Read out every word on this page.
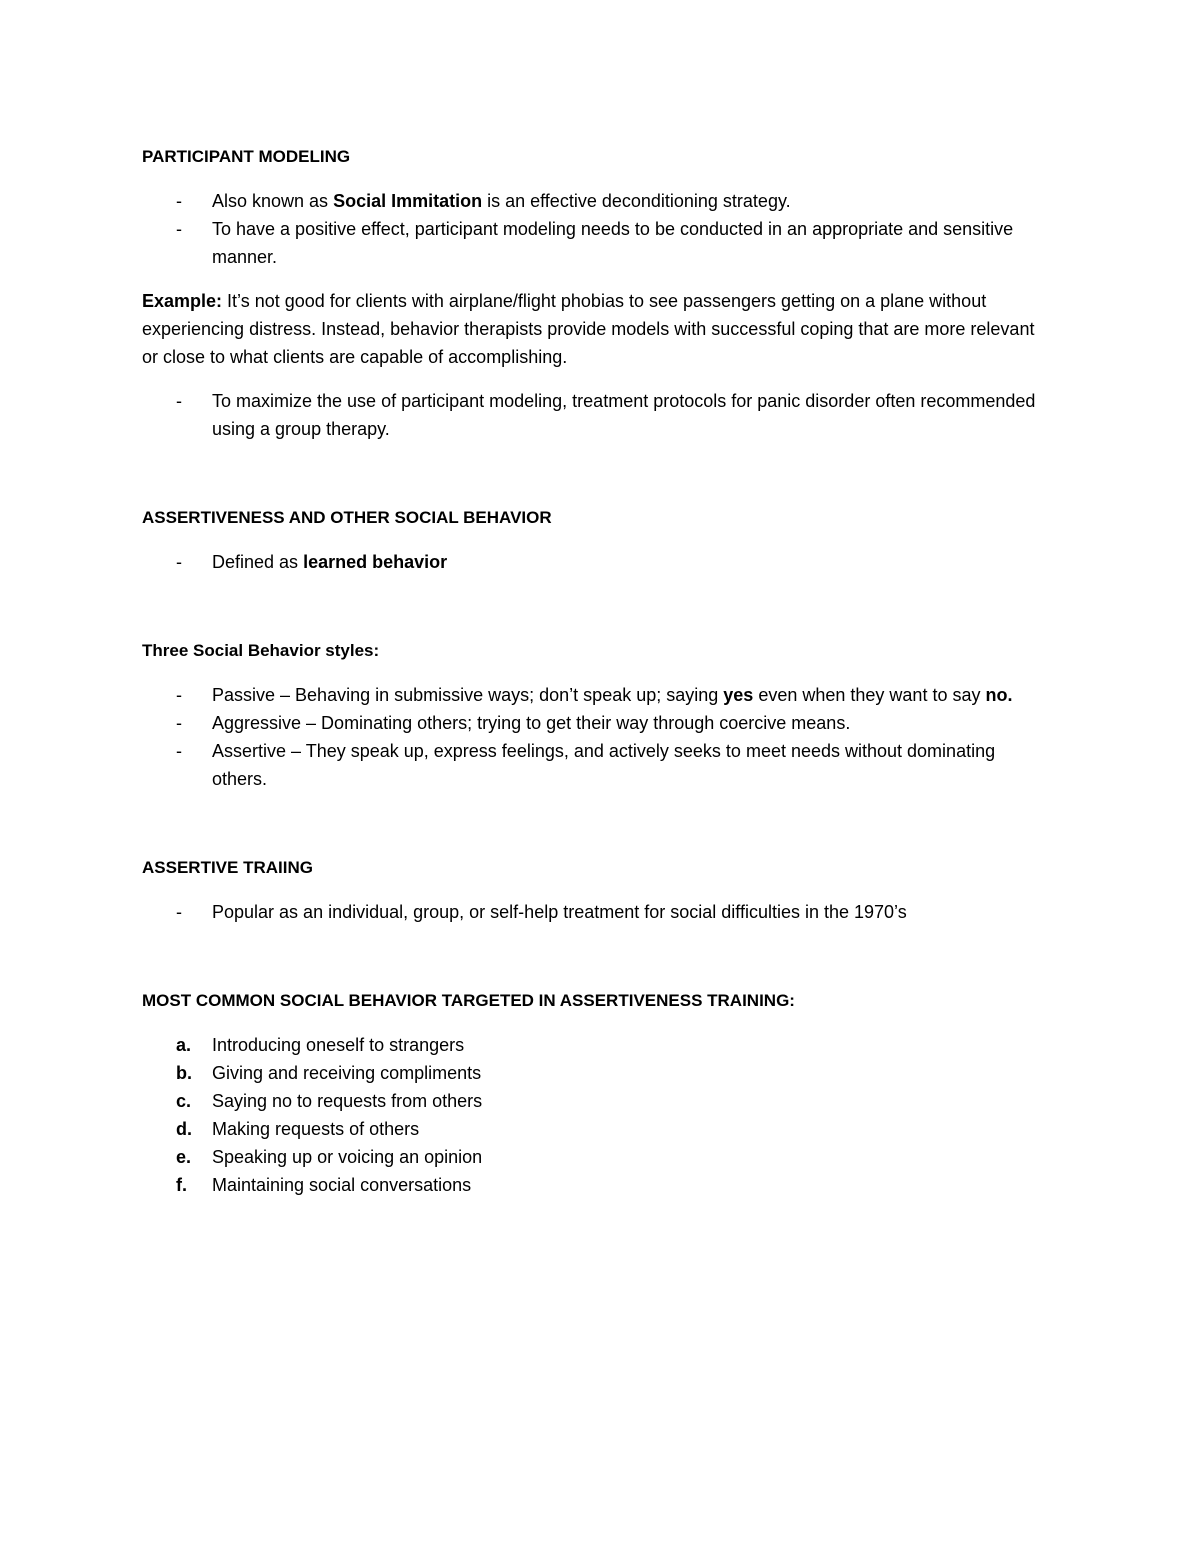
PARTICIPANT MODELING
- Also known as Social Immitation is an effective deconditioning strategy.
- To have a positive effect, participant modeling needs to be conducted in an appropriate and sensitive manner.

Example: It’s not good for clients with airplane/flight phobias to see passengers getting on a plane without experiencing distress. Instead, behavior therapists provide models with successful coping that are more relevant or close to what clients are capable of accomplishing.

- To maximize the use of participant modeling, treatment protocols for panic disorder often recommended using a group therapy.
ASSERTIVENESS AND OTHER SOCIAL BEHAVIOR
- Defined as learned behavior
Three Social Behavior styles:
- Passive – Behaving in submissive ways; don’t speak up; saying yes even when they want to say no.
- Aggressive – Dominating others; trying to get their way through coercive means.
- Assertive – They speak up, express feelings, and actively seeks to meet needs without dominating others.
ASSERTIVE TRAIING
- Popular as an individual, group, or self-help treatment for social difficulties in the 1970’s
MOST COMMON SOCIAL BEHAVIOR TARGETED IN ASSERTIVENESS TRAINING:
a. Introducing oneself to strangers
b. Giving and receiving compliments
c. Saying no to requests from others
d. Making requests of others
e. Speaking up or voicing an opinion
f. Maintaining social conversations
